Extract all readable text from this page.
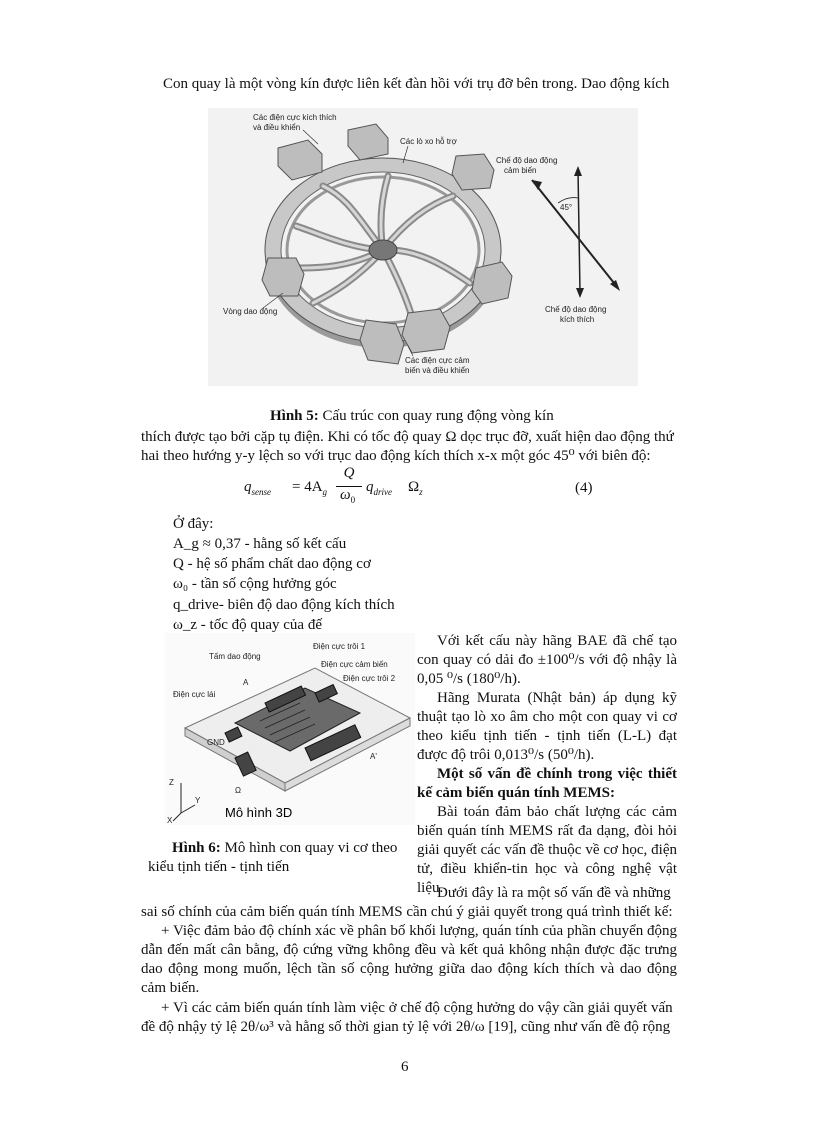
Con quay là một vòng kín được liên kết đàn hồi với trụ đỡ bên trong. Dao động kích
Các điện cực kích thích
và điều khiển
Các lò xo hỗ trợ
Vòng dao động
Các điện cực cảm
biến và điều khiển
Chế độ dao động
cảm biến
45°
Chế độ dao động
kích thích
Hình 5: Cấu trúc con quay rung động vòng kín
thích được tạo bởi cặp tụ điện. Khi có tốc độ quay Ω dọc trục đỡ, xuất hiện dao động thứ
hai theo hướng y-y lệch so với trục dao động kích thích x-x một góc 45⁰ với biên độ:
$q_{sense} = 4A_g$
Q
$\omega_0$
$q_{drive}$ $\Omega_z$	(4)
Ở đây:
A_g ≈ 0,37 - hằng số kết cấu
Q - hệ số phẩm chất dao động cơ
ω₀ - tần số cộng hưởng góc
q_drive- biên độ dao động kích thích
ω_z - tốc độ quay của đế
Tấm dao động
Điện cực trôi 1
Điện cực cảm biến
Điện cực trôi 2
Điện cực lái
A
A'
GND
Ω
Z
Y
X
Mô hình 3D
Hình 6: Mô hình con quay vi cơ theo
kiểu tịnh tiến - tịnh tiến
Với kết cấu này hãng BAE đã chế tạo con quay có dải đo ±100⁰/s với độ nhậy là 0,05 ⁰/s (180⁰/h).
Hãng Murata (Nhật bản) áp dụng kỹ thuật tạo lò xo âm cho một con quay vi cơ theo kiểu tịnh tiến - tịnh tiến (L-L) đạt được độ trôi 0,013⁰/s (50⁰/h).
Một số vấn đề chính trong việc thiết kế cảm biến quán tính MEMS:
Bài toán đảm bảo chất lượng các cảm biến quán tính MEMS rất đa dạng, đòi hỏi giải quyết các vấn đề thuộc về cơ học, điện tử, điều khiển-tin học và công nghệ vật liệu.
Dưới đây là ra một số vấn đề và những
sai số chính của cảm biến quán tính MEMS cần chú ý giải quyết trong quá trình thiết kế:
+ Việc đảm bảo độ chính xác về phân bố khối lượng, quán tính của phần chuyển động dẫn đến mất cân bằng, độ cứng vững không đều và kết quả không nhận được đặc trưng dao động mong muốn, lệch tần số cộng hưởng giữa dao động kích thích và dao động cảm biến.
+ Vì các cảm biến quán tính làm việc ở chế độ cộng hưởng do vậy cần giải quyết vấn
đề độ nhậy tỷ lệ 2θ/ω³ và hằng số thời gian tỷ lệ với 2θ/ω [19], cũng như vấn đề độ rộng
6
